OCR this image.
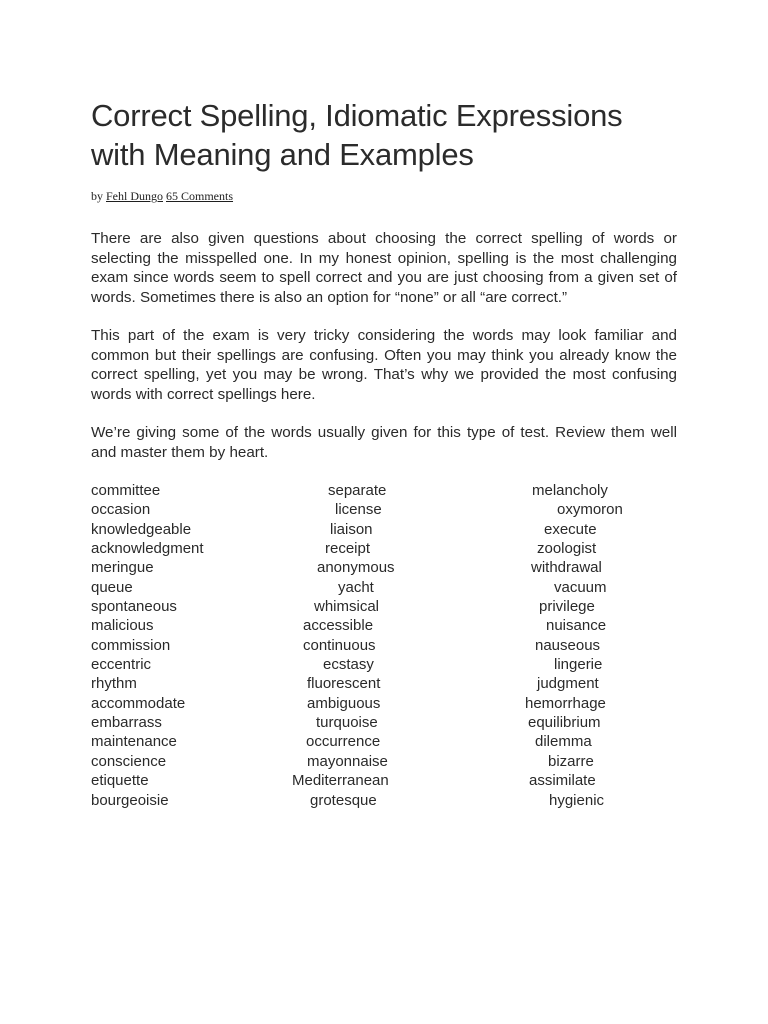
Correct Spelling, Idiomatic Expressions with Meaning and Examples
by Fehl Dungo 65 Comments

There are also given questions about choosing the correct spelling of words or selecting the misspelled one. In my honest opinion, spelling is the most challenging exam since words seem to spell correct and you are just choosing from a given set of words. Sometimes there is also an option for “none” or all “are correct.”

This part of the exam is very tricky considering the words may look familiar and common but their spellings are confusing. Often you may think you already know the correct spelling, yet you may be wrong. That’s why we provided the most confusing words with correct spellings here.

We’re giving some of the words usually given for this type of test. Review them well and master them by heart.

committee
occasion
knowledgeable
acknowledgment
meringue
queue
spontaneous
malicious
commission
eccentric
rhythm
accommodate
embarrass
maintenance
conscience
etiquette
bourgeoisie
separate
license
liaison
receipt
anonymous
yacht
whimsical
accessible
continuous
ecstasy
fluorescent
ambiguous
turquoise
occurrence
mayonnaise
Mediterranean
grotesque
melancholy
oxymoron
execute
zoologist
withdrawal
vacuum
privilege
nuisance
nauseous
lingerie
judgment
hemorrhage
equilibrium
dilemma
bizarre
assimilate
hygienic
